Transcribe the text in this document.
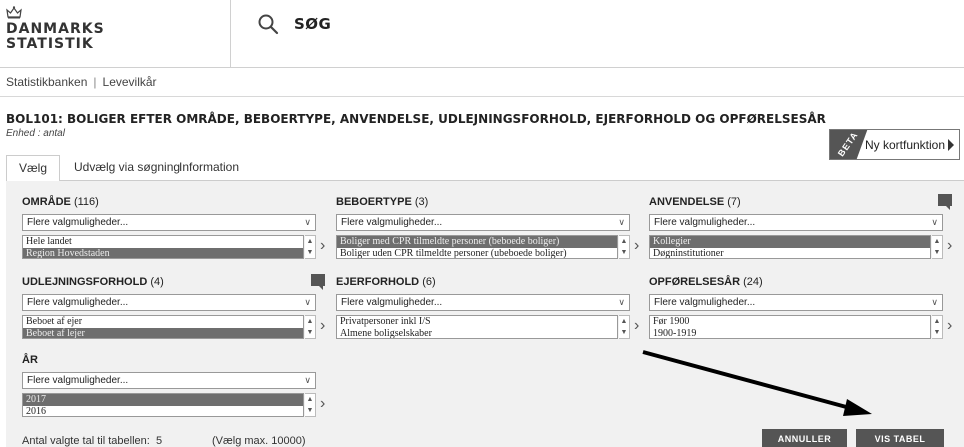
DANMARKS
STATISTIK
SØG
Statistikbanken | Levevilkår
BOL101: BOLIGER EFTER OMRÅDE, BEBOERTYPE, ANVENDELSE, UDLEJNINGSFORHOLD, EJERFORHOLD OG OPFØRELSESÅR
Enhed : antal	BETA Ny kortfunktion
Vælg	Udvælg via søgning
Information
OMRÅDE (116)
Flere valgmuligheder...	∨
Hele landet
Region Hovedstaden
▲
▼ ›
BEBOERTYPE (3)
Flere valgmuligheder...	∨
Boliger med CPR tilmeldte personer (beboede boliger)
Boliger uden CPR tilmeldte personer (ubeboede boliger)
▲
▼ ›
ANVENDELSE (7)
Flere valgmuligheder...	∨
Kollegier
Døgninstitutioner
▲
▼ ›
UDLEJNINGSFORHOLD (4)
Flere valgmuligheder...	∨
Beboet af ejer
Beboet af lejer
▲
▼ ›
EJERFORHOLD (6)
Flere valgmuligheder...	∨
Privatpersoner inkl I/S
Almene boligselskaber
▲
▼ ›
OPFØRELSESÅR (24)
Flere valgmuligheder...	∨
Før 1900
1900-1919
▲
▼ ›
ÅR
Flere valgmuligheder...	∨
2017
2016
▲
▼ ›
Antal valgte tal til tabellen: 5	(Vælg max. 10000)	ANNULLER	VIS TABEL
